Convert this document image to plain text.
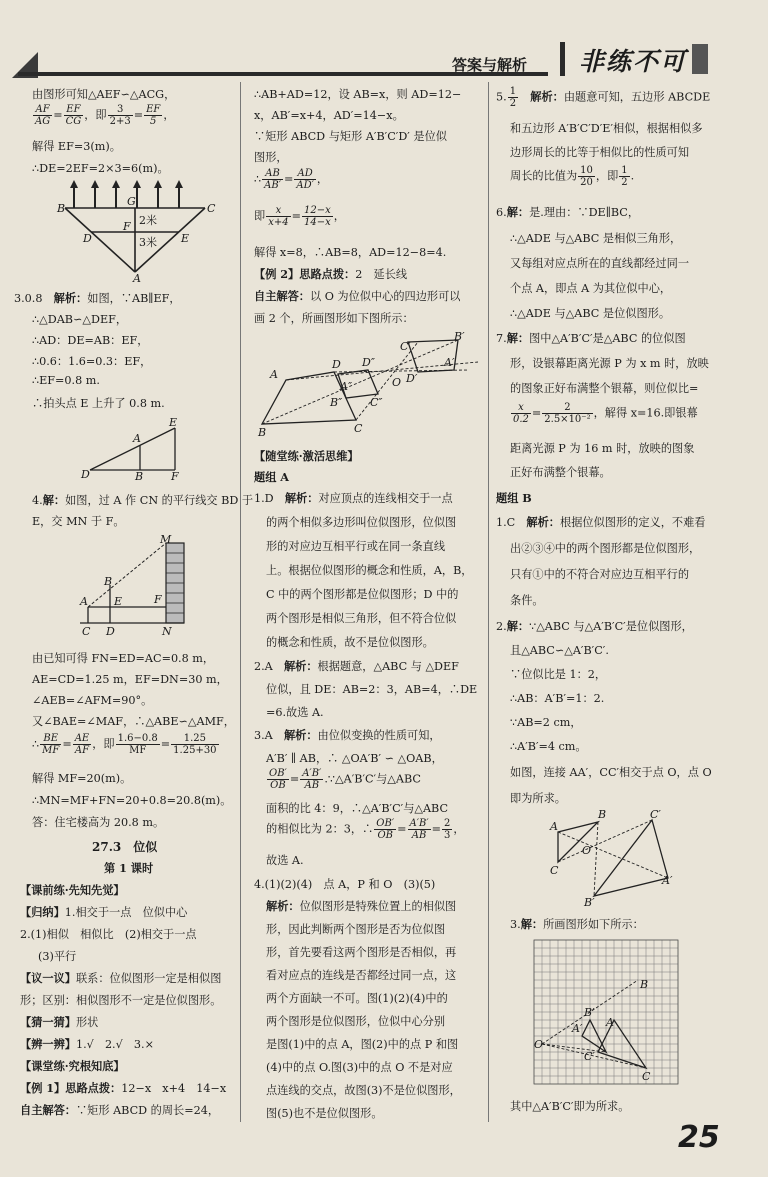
答案与解析 非练不可
由图形可知△AEF∽△ACG，
$\frac{AF}{AG} = \frac{EF}{CG}$ ，即 $\frac{3}{2+3} = \frac{EF}{5}$ ，
解得 EF=3(m)。
∴DE=2EF=2×3=6(m)。
B	C
G
F
D	E
A
2米
3米
3.0.8　 解析：如图，∵AB∥EF，
∴△DAB∽△DEF，
∴AD：DE=AB：EF，
∴0.6：1.6=0.3：EF，
∴EF=0.8 m.
∴拍头点 E 上升了 0.8 m.
A
E
D	B	F
4.解：如图，过 A 作 CN 的平行线交 BD 于
E，交 MN 于 F。
M
A E	F
B
C D	N
由已知可得 FN=ED=AC=0.8 m，
AE=CD=1.25 m，EF=DN=30 m，
∠AEB=∠AFM=90°。
又∠BAE=∠MAF，∴△ABE∽△AMF，
∴ $\frac{BE}{MF} = \frac{AE}{AF}$ ，即 $\frac{1.6-0.8}{MF} = \frac{1.25}{1.25+30}$
解得 MF=20(m)。
∴MN=MF+FN=20+0.8=20.8(m)。
答：住宅楼高为 20.8 m。
27.3　位似
第 1 课时
【课前练·先知先觉】
【归纳】1.相交于一点　位似中心
2.(1)相似　相似比　(2)相交于一点
(3)平行
【议一议】联系：位似图形一定是相似图
形；区别：相似图形不一定是位似图形。
【猜一猜】形状
【辨一辨】1.√　2.√　3.×
【课堂练·究根知底】
【例 1】思路点拨：12−x　x+4　14−x
自主解答：∵矩形 ABCD 的周长=24，
∴AB+AD=12，设 AB=x，则 AD=12−
x，AB′=x+4，AD′=14−x。
∵矩形 ABCD 与矩形 A′B′C′D′ 是位似
图形，
∴ $\frac{AB}{AB'} = \frac{AD}{AD'}$ ，
即 $\frac{x}{x+4} = \frac{12-x}{14-x}$ ，
解得 x=8，∴AB=8，AD=12−8=4.
【例 2】思路点拨：2　延长线
自主解答：以 O 为位似中心的四边形可以
画 2 个，所画图形如下图所示：
A
D
B	C
O
A″
D″
B″	C″
C′
B′
A′
D′
【随堂练·激活思维】
题组 A
1.D　解析：对应顶点的连线相交于一点
的两个相似多边形叫位似图形，位似图
形的对应边互相平行或在同一条直线
上。根据位似图形的概念和性质，A，B，
C 中的两个图形都是位似图形；D 中的
两个图形是相似三角形，但不符合位似
的概念和性质，故不是位似图形。
2.A　解析：根据题意，△ABC 与 △DEF
位似，且 DE：AB=2：3，AB=4，∴DE
=6.故选 A.
3.A　解析：由位似变换的性质可知，
A′B′ ∥ AB，∴ △OA′B′ ∽ △OAB，
$\frac{OB'}{OB} = \frac{A'B'}{AB}$ .∵△A′B′C′与△ABC
面积的比 4：9，∴△A′B′C′与△ABC
的相似比为 2：3，∴ $\frac{OB'}{OB} = \frac{A'B'}{AB} = \frac{2}{3}$ ，
故选 A.
4.(1)(2)(4)　点 A，P 和 O　(3)(5)
解析：位似图形是特殊位置上的相似图
形，因此判断两个图形是否为位似图
形，首先要看这两个图形是否相似，再
看对应点的连线是否都经过同一点，这
两个方面缺一不可。图(1)(2)(4)中的
两个图形是位似图形，位似中心分别
是图(1)中的点 A，图(2)中的点 P 和图
(4)中的点 O.图(3)中的点 O 不是对应
点连线的交点，故图(3)不是位似图形，
图(5)也不是位似图形。
5. $\frac{1}{2}$
　 解析：由题意可知，五边形 ABCDE
和五边形 A′B′C′D′E′相似，根据相似多
边形周长的比等于相似比的性质可知
周长的比值为 $\frac{10}{20}$ ，即 $\frac{1}{2}$ .
6.解：是.理由：∵DE∥BC，
∴△ADE 与△ABC 是相似三角形，
又每组对应点所在的直线都经过同一
个点 A，即点 A 为其位似中心，
∴△ADE 与△ABC 是位似图形。
7.解：图中△A′B′C′是△ABC 的位似图
形，设银幕距离光源 P 为 x m 时，放映
的图象正好布满整个银幕，则位似比=
$\frac{x}{0.2} = \frac{2}{\text{2.5×10⁻²}}$ ，解得 x=16.即银幕
距离光源 P 为 16 m 时，放映的图象
正好布满整个银幕。
题组 B
1.C　解析：根据位似图形的定义，不难看
出②③④中的两个图形都是位似图形，
只有①中的不符合对应边互相平行的
条件。
2.解：∵△ABC 与△A′B′C′是位似图形，
且△ABC∽△A′B′C′.
∵位似比是 1：2，
∴AB：A′B′=1：2.
∵AB=2 cm，
∴A′B′=4 cm。
如图，连接 AA′，CC′相交于点 O，点 O
即为所求。
A
B
C
O
C′
A′
B′
3.解：所画图形如下所示：
O
A′
B′
C′
A
B
C
其中△A′B′C′即为所求。
25
